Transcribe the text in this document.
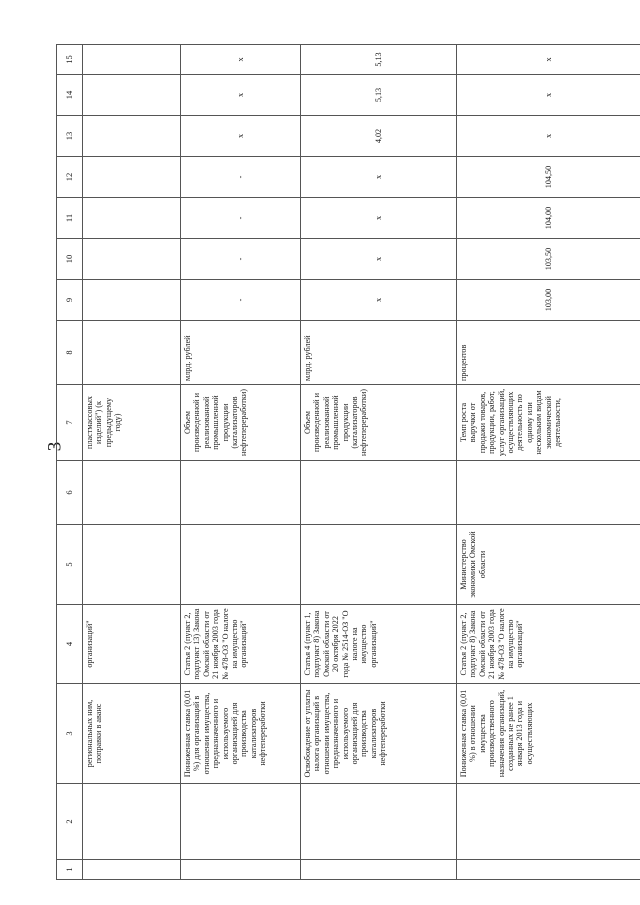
3
1	2	3	4	5	6	7	8	9	10	11	12	13	14	15
		региональных ним, поправки в аванс	организаций"			пластмассовых изделий") (к предыдущему году)								
		Пониженная ставка (0,01 %) для организаций в отношении имущества, предназначенного и используемого организацией для производства катализаторов нефтепереработки	Статья 2 (пункт 2, подпункт 13) Закона Омской области от 21 ноября 2003 года № 478-ОЗ "О налоге на имущество организаций"			Объем произведенной и реализованной промышленной продукции (катализаторов нефтепереработки)	млрд. рублей	-	-	-	-	x	x	x
		Освобождение от уплаты налога организаций в отношении имущества, предназначенного и используемого организацией для производства катализаторов нефтепереработки	Статья 4 (пункт 1, подпункт 8) Закона Омской области от 20 октября 2022 года № 2514-ОЗ "О налоге на имущество организаций"			Объем произведенной и реализованной промышленной продукции (катализаторов нефтепереработки)	млрд. рублей	x	x	x	x	4,02	5,13	5,13
		Пониженная ставка (0,01 %) в отношении имущества производственного назначения организаций, созданных не ранее 1 января 2013 года и осуществляющих	Статья 2 (пункт 2, подпункт 8) Закона Омской области от 21 ноября 2003 года № 478-ОЗ "О налоге на имущество организаций"	Министерство экономики Омской области		Темп роста выручки от продажи товаров, продукции, работ, услуг организаций, осуществляющих деятельность по одному или нескольким видам экономической деятельности,	процентов	103,00	103,50	104,00	104,50	x	x	x
